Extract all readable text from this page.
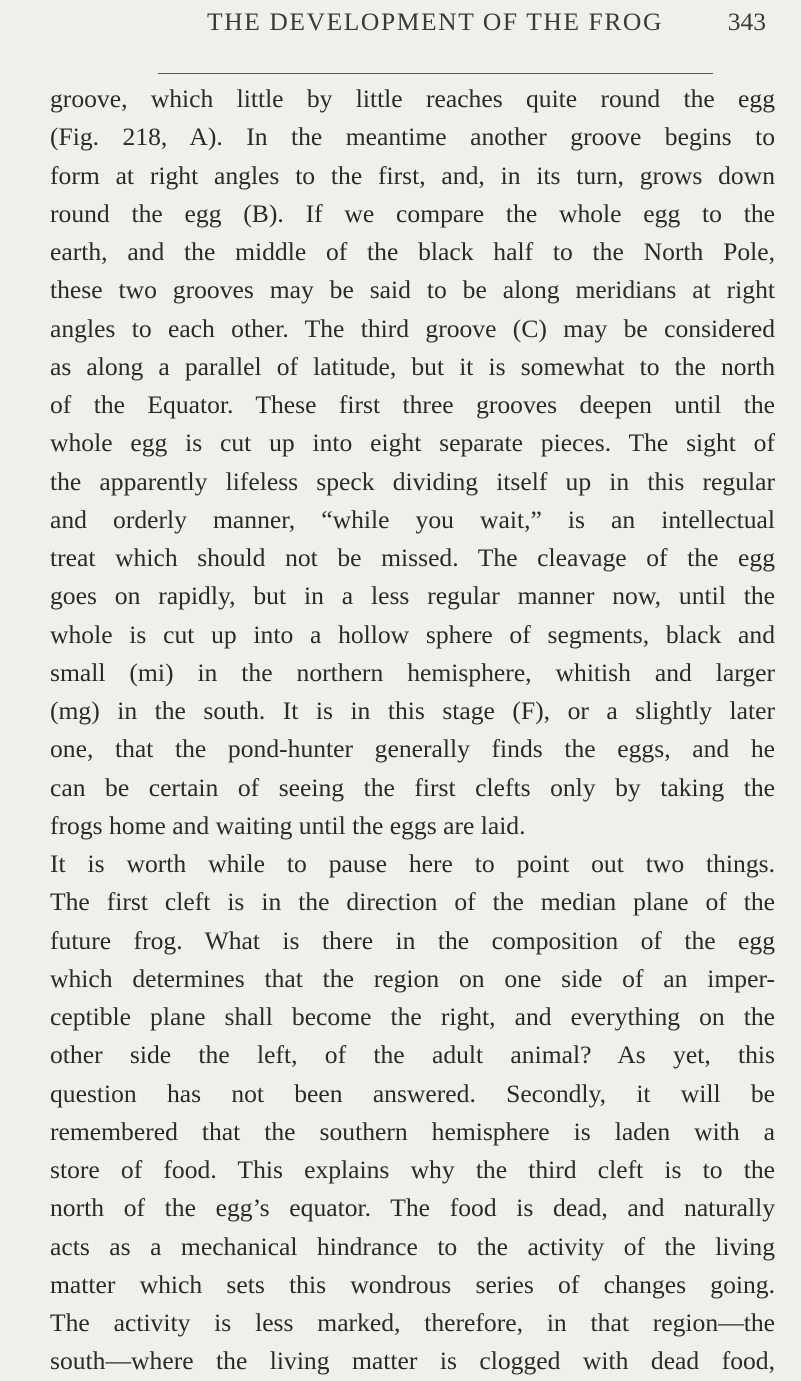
THE DEVELOPMENT OF THE FROG	343
groove, which little by little reaches quite round the egg
(Fig. 218, A). In the meantime another groove begins to
form at right angles to the first, and, in its turn, grows down
round the egg (B). If we compare the whole egg to the
earth, and the middle of the black half to the North Pole,
these two grooves may be said to be along meridians at right
angles to each other. The third groove (C) may be considered
as along a parallel of latitude, but it is somewhat to the north
of the Equator. These first three grooves deepen until the
whole egg is cut up into eight separate pieces. The sight of
the apparently lifeless speck dividing itself up in this regular
and orderly manner, “while you wait,” is an intellectual
treat which should not be missed. The cleavage of the egg
goes on rapidly, but in a less regular manner now, until the
whole is cut up into a hollow sphere of segments, black and
small (mi) in the northern hemisphere, whitish and larger
(mg) in the south. It is in this stage (F), or a slightly later
one, that the pond-hunter generally finds the eggs, and he
can be certain of seeing the first clefts only by taking the
frogs home and waiting until the eggs are laid.
It is worth while to pause here to point out two things.
The first cleft is in the direction of the median plane of the
future frog. What is there in the composition of the egg
which determines that the region on one side of an imper-
ceptible plane shall become the right, and everything on the
other side the left, of the adult animal? As yet, this
question has not been answered. Secondly, it will be
remembered that the southern hemisphere is laden with a
store of food. This explains why the third cleft is to the
north of the egg’s equator. The food is dead, and naturally
acts as a mechanical hindrance to the activity of the living
matter which sets this wondrous series of changes going.
The activity is less marked, therefore, in that region—the
south—where the living matter is clogged with dead food,
